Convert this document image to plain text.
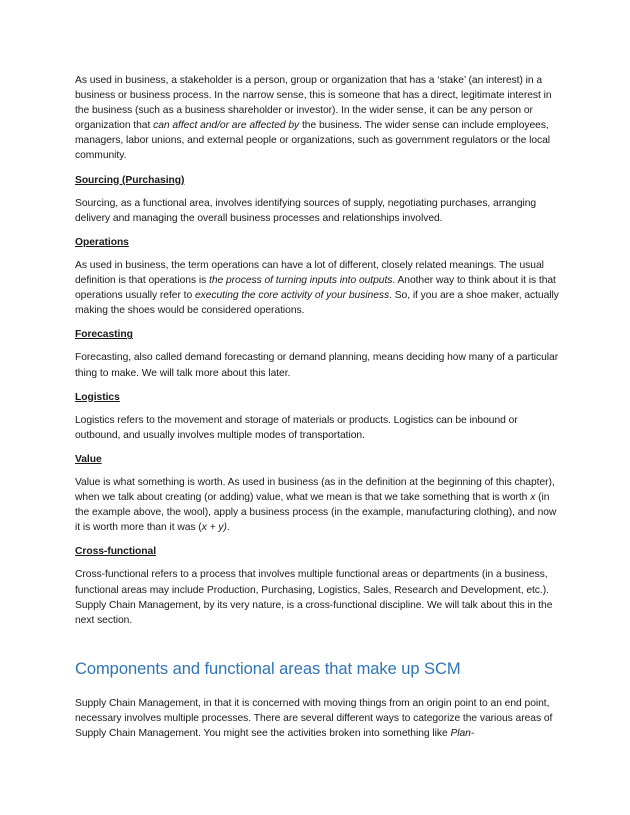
As used in business, a stakeholder is a person, group or organization that has a ‘stake’ (an interest) in a business or business process. In the narrow sense, this is someone that has a direct, legitimate interest in the business (such as a business shareholder or investor). In the wider sense, it can be any person or organization that can affect and/or are affected by the business. The wider sense can include employees, managers, labor unions, and external people or organizations, such as government regulators or the local community.

Sourcing (Purchasing)

Sourcing, as a functional area, involves identifying sources of supply, negotiating purchases, arranging delivery and managing the overall business processes and relationships involved.

Operations

As used in business, the term operations can have a lot of different, closely related meanings. The usual definition is that operations is the process of turning inputs into outputs. Another way to think about it is that operations usually refer to executing the core activity of your business. So, if you are a shoe maker, actually making the shoes would be considered operations.

Forecasting

Forecasting, also called demand forecasting or demand planning, means deciding how many of a particular thing to make. We will talk more about this later.

Logistics

Logistics refers to the movement and storage of materials or products. Logistics can be inbound or outbound, and usually involves multiple modes of transportation.

Value

Value is what something is worth. As used in business (as in the definition at the beginning of this chapter), when we talk about creating (or adding) value, what we mean is that we take something that is worth x (in the example above, the wool), apply a business process (in the example, manufacturing clothing), and now it is worth more than it was (x + y).

Cross-functional

Cross-functional refers to a process that involves multiple functional areas or departments (in a business, functional areas may include Production, Purchasing, Logistics, Sales, Research and Development, etc.). Supply Chain Management, by its very nature, is a cross-functional discipline. We will talk about this in the next section.

Components and functional areas that make up SCM

Supply Chain Management, in that it is concerned with moving things from an origin point to an end point, necessary involves multiple processes. There are several different ways to categorize the various areas of Supply Chain Management. You might see the activities broken into something like Plan-
